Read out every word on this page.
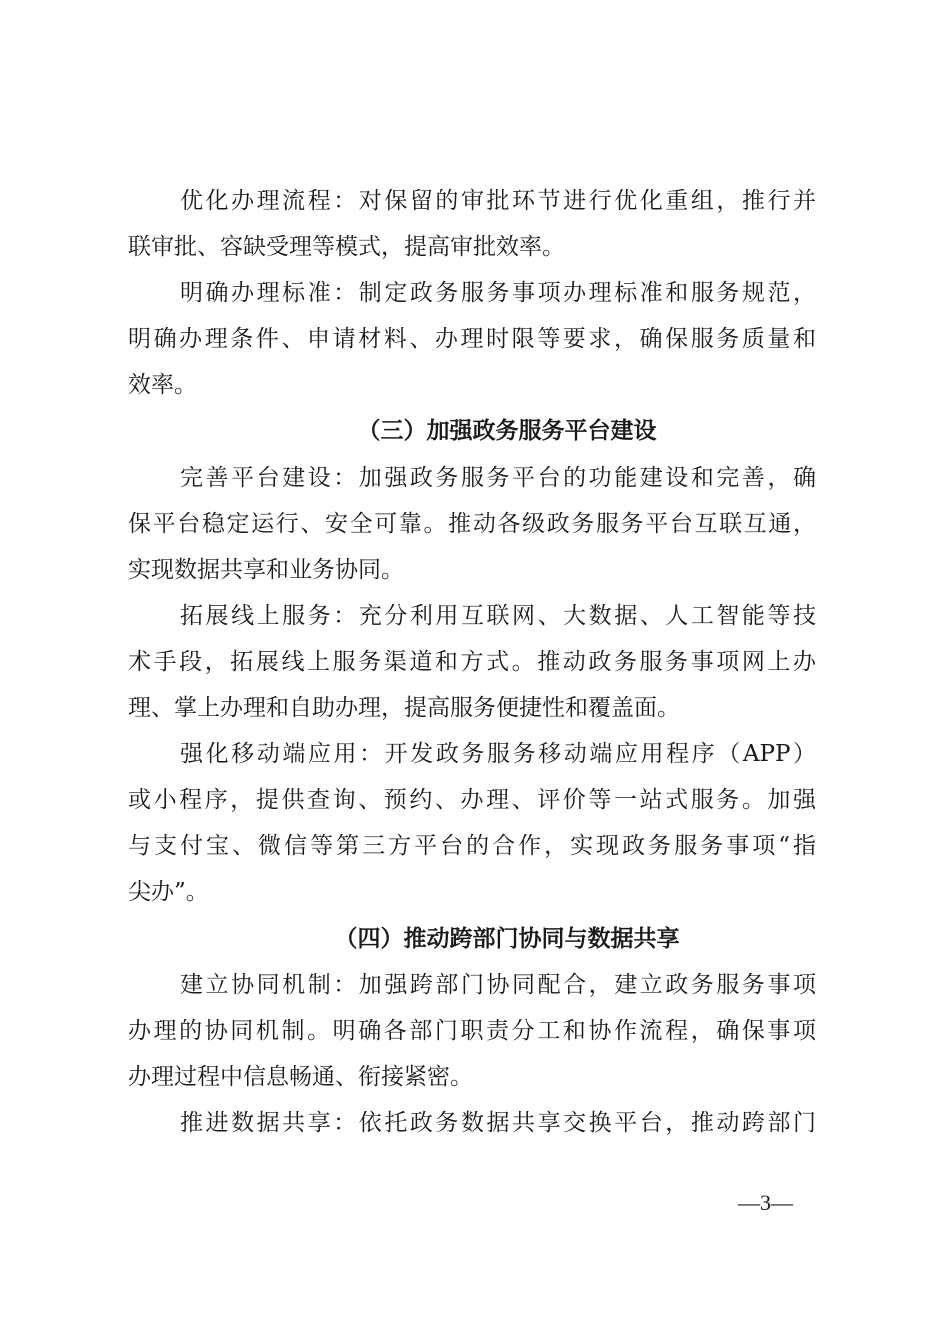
优化办理流程：对保留的审批环节进行优化重组，推行并
联审批、容缺受理等模式，提高审批效率。
明确办理标准：制定政务服务事项办理标准和服务规范，
明确办理条件、申请材料、办理时限等要求，确保服务质量和
效率。
（三）加强政务服务平台建设
完善平台建设：加强政务服务平台的功能建设和完善，确
保平台稳定运行、安全可靠。推动各级政务服务平台互联互通，
实现数据共享和业务协同。
拓展线上服务：充分利用互联网、大数据、人工智能等技
术手段，拓展线上服务渠道和方式。推动政务服务事项网上办
理、掌上办理和自助办理，提高服务便捷性和覆盖面。
强化移动端应用：开发政务服务移动端应用程序（APP）
或小程序，提供查询、预约、办理、评价等一站式服务。加强
与支付宝、微信等第三方平台的合作，实现政务服务事项“指
尖办”。
（四）推动跨部门协同与数据共享
建立协同机制：加强跨部门协同配合，建立政务服务事项
办理的协同机制。明确各部门职责分工和协作流程，确保事项
办理过程中信息畅通、衔接紧密。
推进数据共享：依托政务数据共享交换平台，推动跨部门
—3—
